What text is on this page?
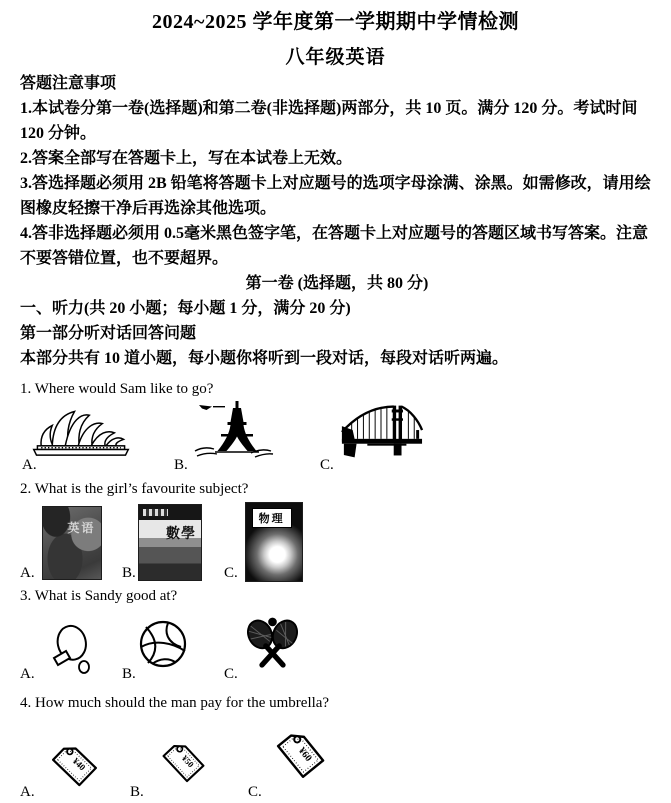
2024~2025 学年度第一学期期中学情检测
八年级英语

答题注意事项

1.本试卷分第一卷(选择题)和第二卷(非选择题)两部分，共 10 页。满分 120 分。考试时间 120 分钟。

2.答案全部写在答题卡上，写在本试卷上无效。

3.答选择题必须用 2B 铅笔将答题卡上对应题号的选项字母涂满、涂黑。如需修改，请用绘图橡皮轻擦干净后再选涂其他选项。

4.答非选择题必须用 0.5毫米黑色签字笔，在答题卡上对应题号的答题区域书写答案。注意不要答错位置，也不要超界。

第一卷 (选择题，共 80 分)

一、听力(共 20 小题；每小题 1 分，满分 20 分)

第一部分听对话回答问题

本部分共有 10 道小题，每小题你将听到一段对话，每段对话听两遍。

1. Where would Sam like to go?
A.	B.	C.
2. What is the girl’s favourite subject?
英语	數學
物理
A.	B.	C.
3. What is Sandy good at?
A.	B.	C.
4. How much should the man pay for the umbrella?
¥40	¥50	¥60
A.	B.	C.
